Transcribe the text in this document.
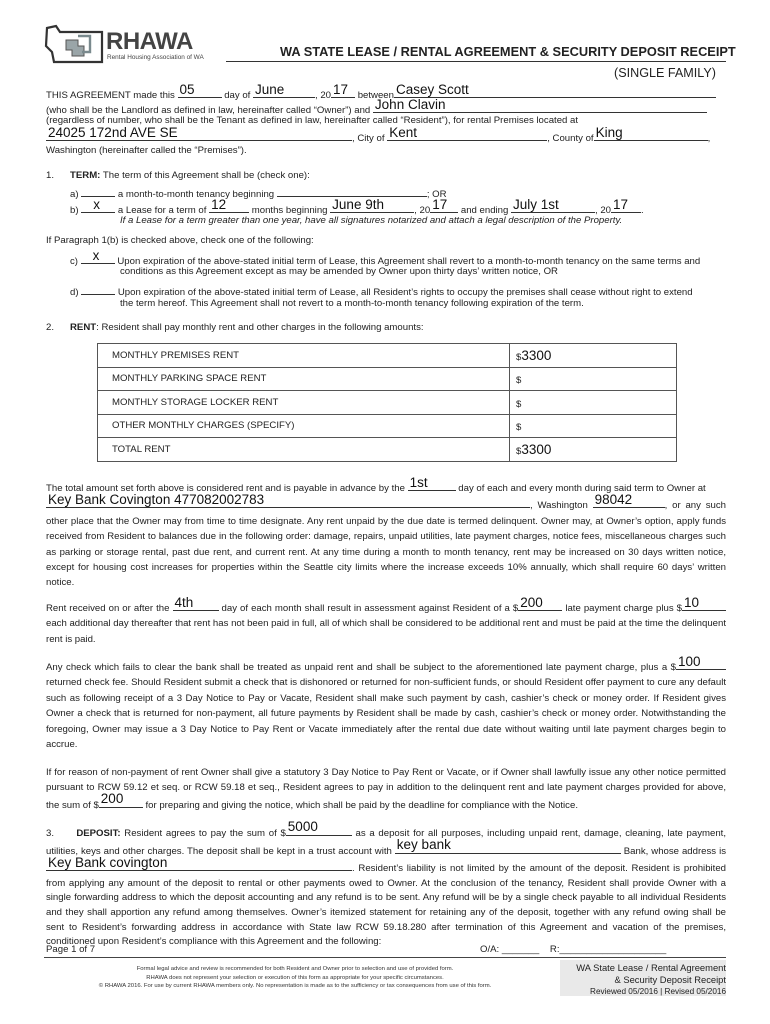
RHAWA
Rental Housing Association of WA	WA STATE LEASE / RENTAL AGREEMENT & SECURITY DEPOSIT RECEIPT
(SINGLE FAMILY)
THIS AGREEMENT made this 05	day of June	, 20 17 between Casey Scott
(who shall be the Landlord as defined in law, hereinafter called “Owner”) and John Clavin
(regardless of number, who shall be the Tenant as defined in law, hereinafter called “Resident”), for rental Premises located at
24025 172nd AVE SE	, City of Kent	, County of King	,
Washington (hereinafter called the “Premises”).
1. TERM: The term of this Agreement shall be (check one):
a)	a month-to-month tenancy beginning	; OR
b) x a Lease for a term of 12	months beginning June 9th	, 20 17 and ending July 1st	, 20 17 .
If a Lease for a term greater than one year, have all signatures notarized and attach a legal description of the Property.
If Paragraph 1(b) is checked above, check one of the following:
c) x Upon expiration of the above-stated initial term of Lease, this Agreement shall revert to a month-to-month tenancy on the same terms and
conditions as this Agreement except as may be amended by Owner upon thirty days’ written notice, OR
d)	Upon expiration of the above-stated initial term of Lease, all Resident’s rights to occupy the premises shall cease without right to extend
the term hereof. This Agreement shall not revert to a month-to-month tenancy following expiration of the term.
2. RENT: Resident shall pay monthly rent and other charges in the following amounts:
MONTHLY PREMISES RENT	$3300
MONTHLY PARKING SPACE RENT	$
MONTHLY STORAGE LOCKER RENT	$
OTHER MONTHLY CHARGES (SPECIFY)	$
TOTAL RENT	$3300
The total amount set forth above is considered rent and is payable in advance by the 1st	day of each and every month during said term to Owner at

Key Bank Covington 477082002783	, Washington 98042	, or any such other place that the Owner may from time to time designate. Any rent unpaid by the due date is termed delinquent. Owner may, at Owner’s option, apply funds received from Resident to balances due in the following order: damage, repairs, unpaid utilities, late payment charges, notice fees, miscellaneous charges such as parking or storage rental, past due rent, and current rent. At any time during a month to month tenancy, rent may be increased on 30 days written notice, except for housing cost increases for properties within the Seattle city limits where the increase exceeds 10% annually, which shall require 60 days’ written notice.
Rent received on or after the 4th	day of each month shall result in assessment against Resident of a $ 200 late payment charge plus $ 10
each additional day thereafter that rent has not been paid in full, all of which shall be considered to be additional rent and must be paid at the time the delinquent rent is paid.
Any check which fails to clear the bank shall be treated as unpaid rent and shall be subject to the aforementioned late payment charge, plus a $ 100
returned check fee. Should Resident submit a check that is dishonored or returned for non-sufficient funds, or should Resident offer payment to cure any default such as following receipt of a 3 Day Notice to Pay or Vacate, Resident shall make such payment by cash, cashier’s check or money order. If Resident gives Owner a check that is returned for non-payment, all future payments by Resident shall be made by cash, cashier’s check or money order. Notwithstanding the foregoing, Owner may issue a 3 Day Notice to Pay Rent or Vacate immediately after the rental due date without waiting until late payment charges begin to accrue.
If for reason of non-payment of rent Owner shall give a statutory 3 Day Notice to Pay Rent or Vacate, or if Owner shall lawfully issue any other notice permitted pursuant to RCW 59.12 et seq. or RCW 59.18 et seq., Resident agrees to pay in addition to the delinquent rent and late payment charges provided for above, the sum of $ 200 for preparing and giving the notice, which shall be paid by the deadline for compliance with the Notice.
3. DEPOSIT: Resident agrees to pay the sum of $ 5000	as a deposit for all purposes, including unpaid rent, damage, cleaning, late payment, utilities, keys and other charges. The deposit shall be kept in a trust account with key bank	Bank, whose address is
Key Bank covington	. Resident’s liability is not limited by the amount of the deposit. Resident is prohibited from applying any amount of the deposit to rental or other payments owed to Owner. At the conclusion of the tenancy, Resident shall provide Owner with a single forwarding address to which the deposit accounting and any refund is to be sent. Any refund will be by a single check payable to all individual Residents and they shall apportion any refund among themselves. Owner’s itemized statement for retaining any of the deposit, together with any refund owing shall be sent to Resident’s forwarding address in accordance with State law RCW 59.18.280 after termination of this Agreement and vacation of the premises, conditioned upon Resident’s compliance with this Agreement and the following:
Page 1 of 7	O/A: _______ R:____________________
Formal legal advice and review is recommended for both Resident and Owner prior to selection and use of provided form.
RHAWA does not represent your selection or execution of this form as appropriate for your specific circumstances.
© RHAWA 2016. For use by current RHAWA members only. No representation is made as to the sufficiency or tax consequences from use of this form.
WA State Lease / Rental Agreement
& Security Deposit Receipt
Reviewed 05/2016 | Revised 05/2016
